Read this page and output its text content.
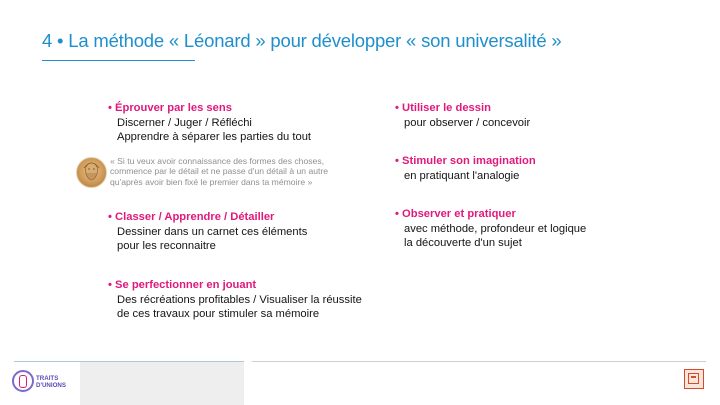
4 • La méthode « Léonard » pour développer « son universalité »
• Éprouver par les sens
Discerner / Juger / Réfléchi
Apprendre à séparer les parties du tout
« Si tu veux avoir connaissance des formes des choses,
commence par le détail et ne passe d'un détail à un autre
qu'après avoir bien fixé le premier dans ta mémoire »
• Classer / Apprendre / Détailler
Dessiner dans un carnet ces éléments
pour les reconnaitre
• Se perfectionner en jouant
Des récréations profitables / Visualiser la réussite
de ces travaux pour stimuler sa mémoire
• Utiliser le dessin
pour observer / concevoir
• Stimuler son imagination
en pratiquant l'analogie
• Observer et pratiquer
avec méthode, profondeur et logique
la découverte d'un sujet
TRAITS
D'UNIONS
